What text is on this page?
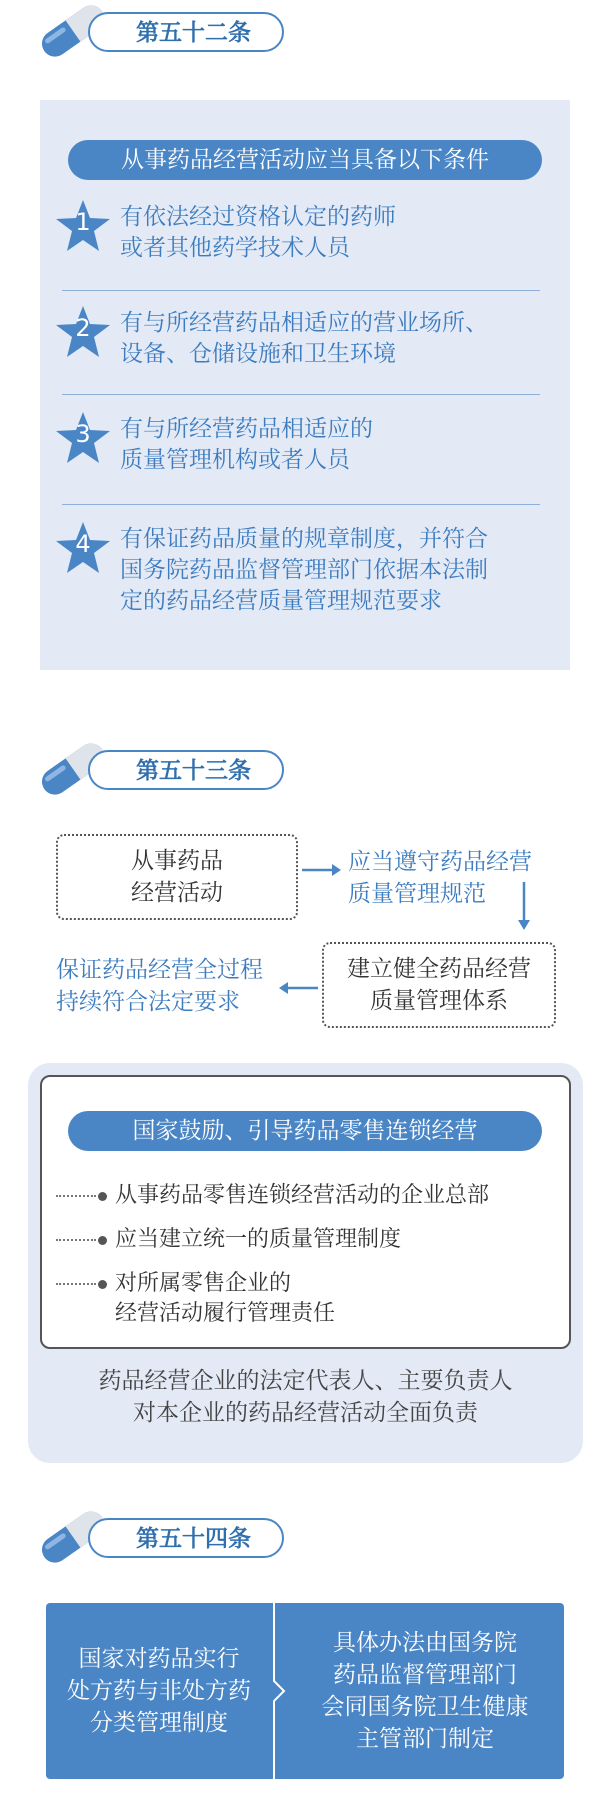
第五十二条
从事药品经营活动应当具备以下条件
1	有依法经过资格认定的药师
或者其他药学技术人员
2	有与所经营药品相适应的营业场所、
设备、仓储设施和卫生环境
3	有与所经营药品相适应的
质量管理机构或者人员
4	有保证药品质量的规章制度，并符合
国务院药品监督管理部门依据本法制
定的药品经营质量管理规范要求
第五十三条
从事药品
经营活动
应当遵守药品经营
质量管理规范
建立健全药品经营
质量管理体系
保证药品经营全过程
持续符合法定要求
国家鼓励、引导药品零售连锁经营
从事药品零售连锁经营活动的企业总部
应当建立统一的质量管理制度
对所属零售企业的
经营活动履行管理责任
药品经营企业的法定代表人、主要负责人
对本企业的药品经营活动全面负责
第五十四条
国家对药品实行
处方药与非处方药
分类管理制度
具体办法由国务院
药品监督管理部门
会同国务院卫生健康
主管部门制定
